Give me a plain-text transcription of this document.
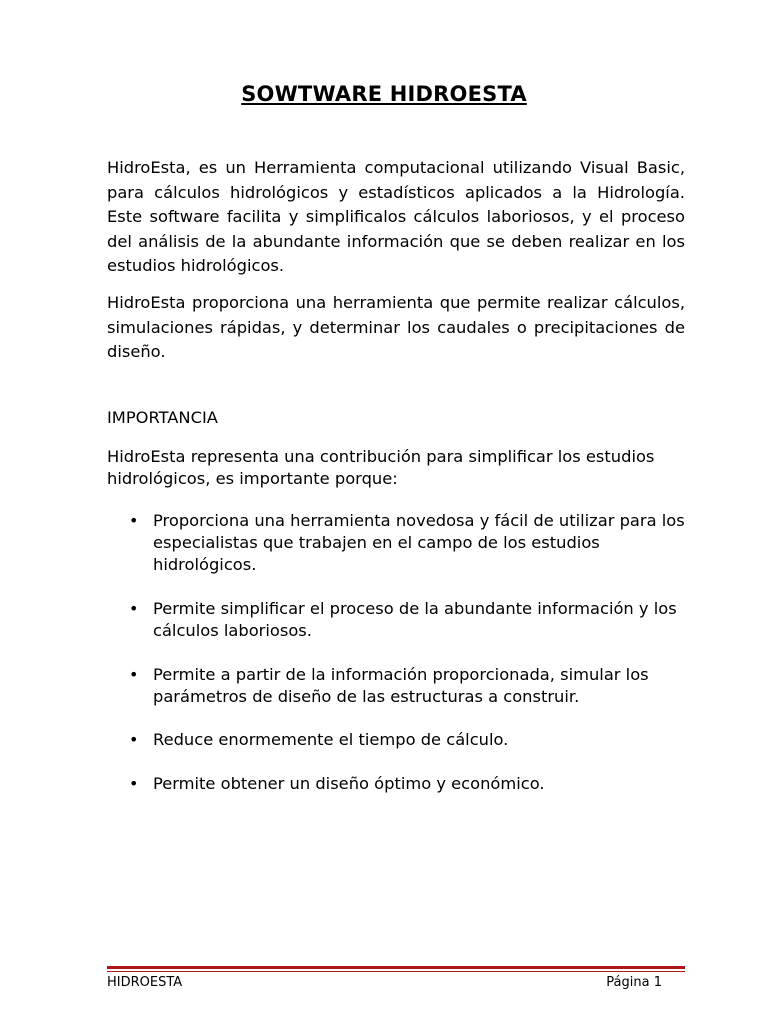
SOWTWARE HIDROESTA

HidroEsta, es un Herramienta computacional utilizando Visual Basic, para cálculos hidrológicos y estadísticos aplicados a la Hidrología. Este software facilita y simplificalos cálculos laboriosos, y el proceso del análisis de la abundante información que se deben realizar en los estudios hidrológicos.

HidroEsta proporciona una herramienta que permite realizar cálculos, simulaciones rápidas, y determinar los caudales o precipitaciones de diseño.

IMPORTANCIA

HidroEsta representa una contribución para simplificar los estudios hidrológicos, es importante porque:

• Proporciona una herramienta novedosa y fácil de utilizar para los especialistas que trabajen en el campo de los estudios hidrológicos.
• Permite simplificar el proceso de la abundante información y los cálculos laboriosos.
• Permite a partir de la información proporcionada, simular los parámetros de diseño de las estructuras a construir.
• Reduce enormemente el tiempo de cálculo.
• Permite obtener un diseño óptimo y económico.
HIDROESTA	Página 1
